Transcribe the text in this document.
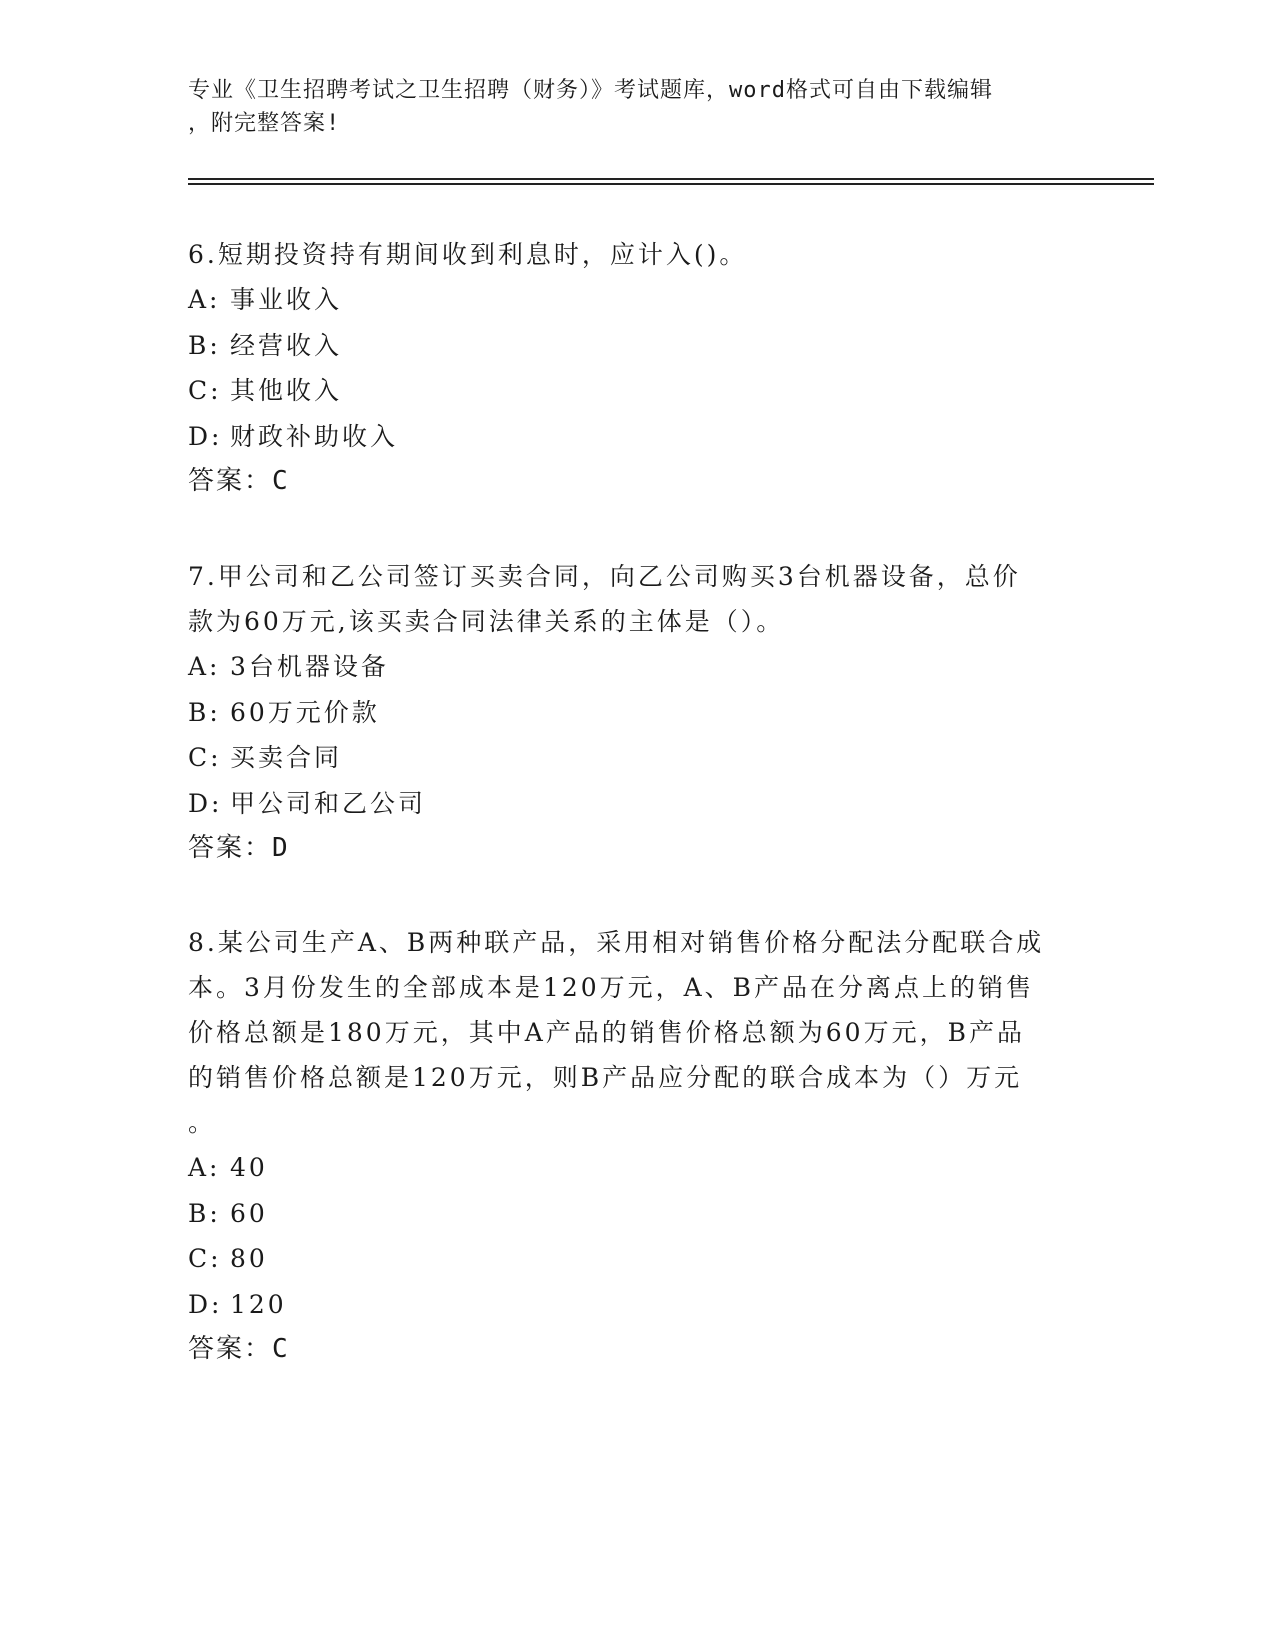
专业《卫生招聘考试之卫生招聘（财务）》考试题库，word格式可自由下载编辑
，附完整答案!
6.短期投资持有期间收到利息时，应计入()。
A: 事业收入
B: 经营收入
C: 其他收入
D: 财政补助收入
答案：C
7.甲公司和乙公司签订买卖合同，向乙公司购买3台机器设备，总价
款为60万元,该买卖合同法律关系的主体是（）。
A: 3台机器设备
B: 60万元价款
C: 买卖合同
D: 甲公司和乙公司
答案：D
8.某公司生产A、B两种联产品，采用相对销售价格分配法分配联合成
本。3月份发生的全部成本是120万元，A、B产品在分离点上的销售
价格总额是180万元，其中A产品的销售价格总额为60万元，B产品
的销售价格总额是120万元，则B产品应分配的联合成本为（）万元
。
A: 40
B: 60
C: 80
D: 120
答案：C
